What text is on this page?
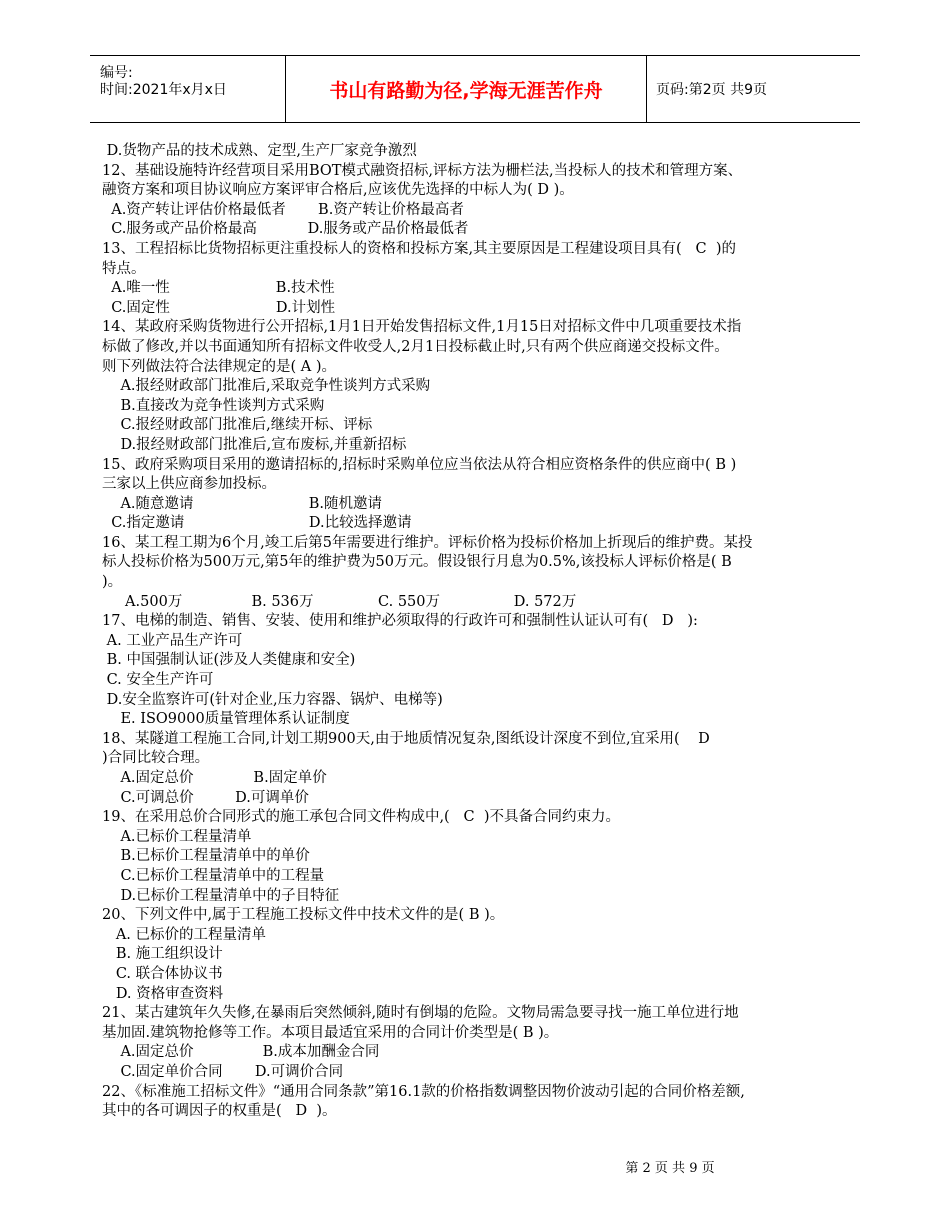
编号:
时间:2021年x月x日	书山有路勤为径,学海无涯苦作舟	页码:第2页 共9页

D.货物产品的技术成熟、定型,生产厂家竞争激烈

12、基础设施特许经营项目采用BOT模式融资招标,评标方法为栅栏法,当投标人的技术和管理方案、

融资方案和项目协议响应方案评审合格后,应该优先选择的中标人为( D )。

A.资产转让评估价格最低者       B.资产转让价格最高者

C.服务或产品价格最高           D.服务或产品价格最低者

13、工程招标比货物招标更注重投标人的资格和投标方案,其主要原因是工程建设项目具有(   C  )的

特点。

A.唯一性                       B.技术性

C.固定性                       D.计划性

14、某政府采购货物进行公开招标,1月1日开始发售招标文件,1月15日对招标文件中几项重要技术指

标做了修改,并以书面通知所有招标文件收受人,2月1日投标截止时,只有两个供应商递交投标文件。

则下列做法符合法律规定的是( A )。

A.报经财政部门批准后,采取竞争性谈判方式采购

B.直接改为竞争性谈判方式采购

C.报经财政部门批准后,继续开标、评标

D.报经财政部门批准后,宣布废标,并重新招标

15、政府采购项目采用的邀请招标的,招标时采购单位应当依法从符合相应资格条件的供应商中( B )

三家以上供应商参加投标。

A.随意邀请                         B.随机邀请

C.指定邀请                           D.比较选择邀请

16、某工程工期为6个月,竣工后第5年需要进行维护。评标价格为投标价格加上折现后的维护费。某投

标人投标价格为500万元,第5年的维护费为50万元。假设银行月息为0.5%,该投标人评标价格是( B

)。

A.500万               B. 536万              C. 550万                D. 572万

17、电梯的制造、销售、安装、使用和维护必须取得的行政许可和强制性认证认可有(   D   ):

A. 工业产品生产许可

B. 中国强制认证(涉及人类健康和安全)

C. 安全生产许可

D.安全监察许可(针对企业,压力容器、锅炉、电梯等)

E. ISO9000质量管理体系认证制度

18、某隧道工程施工合同,计划工期900天,由于地质情况复杂,图纸设计深度不到位,宜采用(    D

)合同比较合理。

A.固定总价             B.固定单价

C.可调总价         D.可调单价

19、在采用总价合同形式的施工承包合同文件构成中,(   C  )不具备合同约束力。

A.已标价工程量清单

B.已标价工程量清单中的单价

C.已标价工程量清单中的工程量

D.已标价工程量清单中的子目特征

20、下列文件中,属于工程施工投标文件中技术文件的是( B )。

A. 已标价的工程量清单

B. 施工组织设计

C. 联合体协议书

D. 资格审查资料

21、某古建筑年久失修,在暴雨后突然倾斜,随时有倒塌的危险。文物局需急要寻找一施工单位进行地

基加固.建筑物抢修等工作。本项目最适宜采用的合同计价类型是( B )。

A.固定总价               B.成本加酬金合同

C.固定单价合同       D.可调价合同

22、《标准施工招标文件》“通用合同条款”第16.1款的价格指数调整因物价波动引起的合同价格差额,

其中的各可调因子的权重是(   D  )。

第 2 页 共 9 页
